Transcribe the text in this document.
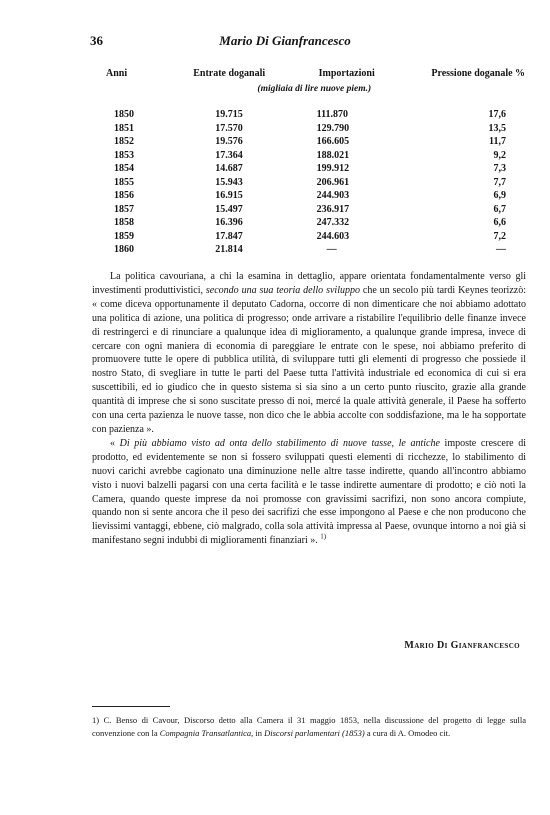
36	Mario Di Gianfrancesco
Anni	Entrate doganali	Importazioni	Pressione doganale %
	(migliaia di lire nuove piem.)		

1850	19.715	111.870	17,6
1851	17.570	129.790	13,5
1852	19.576	166.605	11,7
1853	17.364	188.021	9,2
1854	14.687	199.912	7,3
1855	15.943	206.961	7,7
1856	16.915	244.903	6,9
1857	15.497	236.917	6,7
1858	16.396	247.332	6,6
1859	17.847	244.603	7,2
1860	21.814	—	—

La politica cavouriana, a chi la esamina in dettaglio, appare orientata fondamentalmente verso gli investimenti produttivistici, secondo una sua teoria dello sviluppo che un secolo più tardi Keynes teorizzò: « come diceva opportunamente il deputato Cadorna, occorre di non dimenticare che noi abbiamo adottato una politica di azione, una politica di progresso; onde arrivare a ristabilire l'equilibrio delle finanze invece di restringerci e di rinunciare a qualunque idea di miglioramento, a qualunque grande impresa, invece di cercare con ogni maniera di economia di pareggiare le entrate con le spese, noi abbiamo preferito di promuovere tutte le opere di pubblica utilità, di sviluppare tutti gli elementi di progresso che possiede il nostro Stato, di svegliare in tutte le parti del Paese tutta l'attività industriale ed economica di cui si era suscettibili, ed io giudico che in questo sistema si sia sino a un certo punto riuscito, grazie alla grande quantità di imprese che si sono suscitate presso di noi, mercé la quale attività generale, il Paese ha sofferto con una certa pazienza le nuove tasse, non dico che le abbia accolte con soddisfazione, ma le ha sopportate con pazienza ».

« Di più abbiamo visto ad onta dello stabilimento di nuove tasse, le antiche imposte crescere di prodotto, ed evidentemente se non si fossero sviluppati questi elementi di ricchezze, lo stabilimento di nuovi carichi avrebbe cagionato una diminuzione nelle altre tasse indirette, quando all'incontro abbiamo visto i nuovi balzelli pagarsi con una certa facilità e le tasse indirette aumentare di prodotto; e ciò noti la Camera, quando queste imprese da noi promosse con gravissimi sacrifizi, non sono ancora compiute, quando non si sente ancora che il peso dei sacrifizi che esse impongono al Paese e che non producono che lievissimi vantaggi, ebbene, ciò malgrado, colla sola attività impressa al Paese, ovunque intorno a noi già si manifestano segni indubbi di miglioramenti finanziari ». $^{1)}$

Mario Di Gianfrancesco
1) C. Benso di Cavour, Discorso detto alla Camera il 31 maggio 1853, nella discussione del progetto di legge sulla convenzione con la Compagnia Transatlantica, in Discorsi parlamentari (1853) a cura di A. Omodeo cit.
